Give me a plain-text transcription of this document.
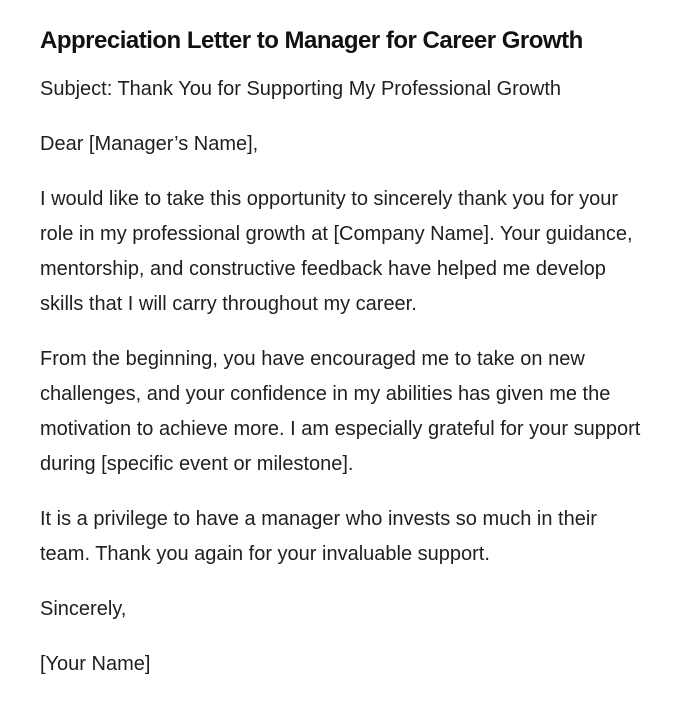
Appreciation Letter to Manager for Career Growth

Subject: Thank You for Supporting My Professional Growth

Dear [Manager’s Name],

I would like to take this opportunity to sincerely thank you for your role in my professional growth at [Company Name]. Your guidance, mentorship, and constructive feedback have helped me develop skills that I will carry throughout my career.

From the beginning, you have encouraged me to take on new challenges, and your confidence in my abilities has given me the motivation to achieve more. I am especially grateful for your support during [specific event or milestone].

It is a privilege to have a manager who invests so much in their team. Thank you again for your invaluable support.

Sincerely,

[Your Name]
